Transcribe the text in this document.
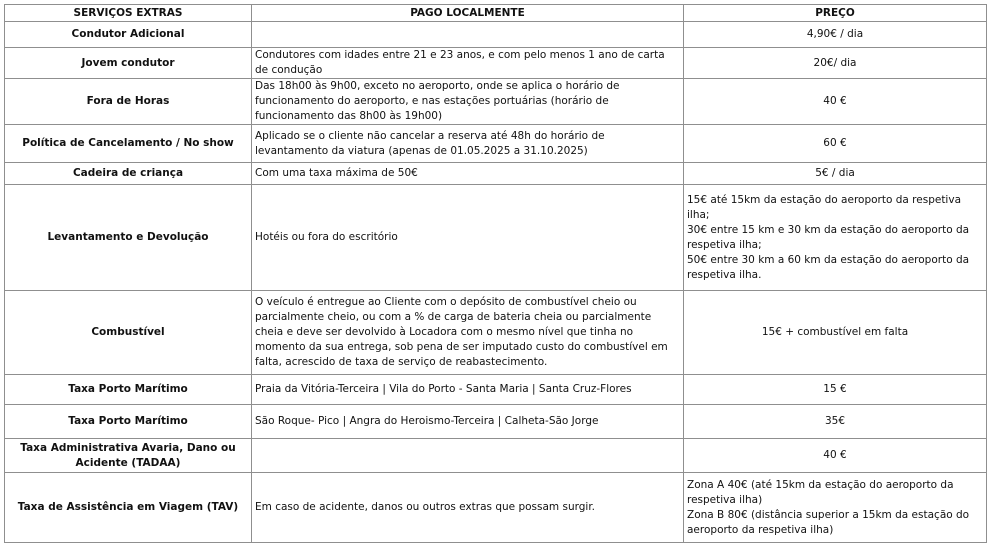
SERVIÇOS EXTRAS	PAGO LOCALMENTE	PREÇO
Condutor Adicional		4,90€ / dia

Jovem condutor	Condutores com idades entre 21 e 23 anos, e com pelo menos 1 ano de carta de condução	20€/ dia

Fora de Horas	Das 18h00 às 9h00, exceto no aeroporto, onde se aplica o horário de funcionamento do aeroporto, e nas estações portuárias (horário de funcionamento das 8h00 às 19h00)	40 €

Política de Cancelamento / No show	Aplicado se o cliente não cancelar a reserva até 48h do horário de levantamento da viatura (apenas de 01.05.2025 a 31.10.2025)	60 €

Cadeira de criança	Com uma taxa máxima de 50€	5€ / dia

Levantamento e Devolução	Hotéis ou fora do escritório	15€ até 15km da estação do aeroporto da respetiva ilha;
30€ entre 15 km e 30 km da estação do aeroporto da respetiva ilha;
50€ entre 30 km a 60 km da estação do aeroporto da respetiva ilha.

Combustível	O veículo é entregue ao Cliente com o depósito de combustível cheio ou parcialmente cheio, ou com a % de carga de bateria cheia ou parcialmente cheia e deve ser devolvido à Locadora com o mesmo nível que tinha no momento da sua entrega, sob pena de ser imputado custo do combustível em falta, acrescido de taxa de serviço de reabastecimento.	15€ + combustível em falta

Taxa Porto Marítimo	Praia da Vitória-Terceira | Vila do Porto - Santa Maria | Santa Cruz-Flores	15 €

Taxa Porto Marítimo	São Roque- Pico | Angra do Heroismo-Terceira | Calheta-São Jorge	35€

Taxa Administrativa Avaria, Dano ou Acidente (TADAA)		40 €

Taxa de Assistência em Viagem (TAV)	Em caso de acidente, danos ou outros extras que possam surgir.	Zona A 40€ (até 15km da estação do aeroporto da respetiva ilha)
Zona B 80€ (distância superior a 15km da estação do aeroporto da respetiva ilha)
